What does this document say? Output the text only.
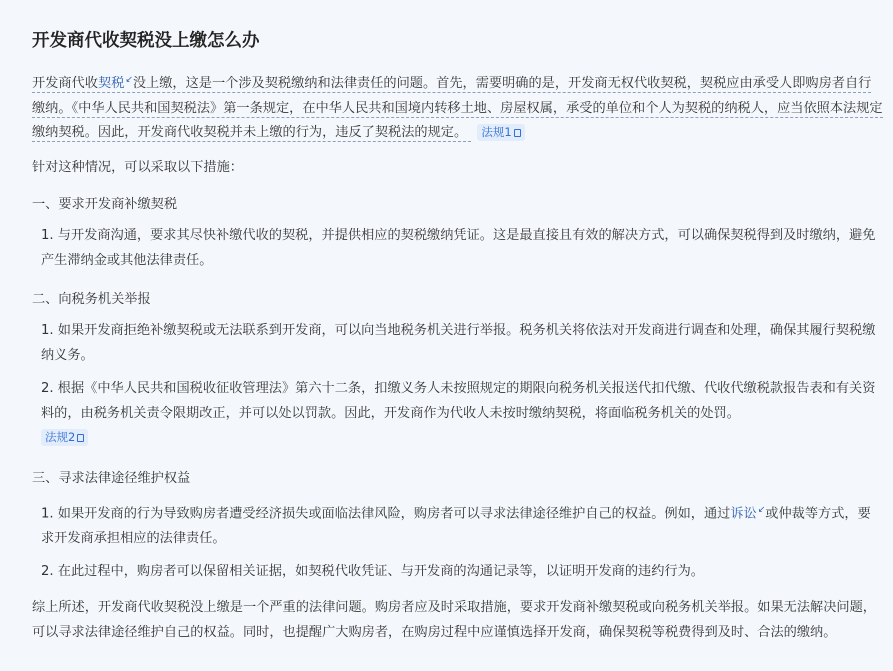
开发商代收契税没上缴怎么办
开发商代收契税↙没上缴，这是一个涉及契税缴纳和法律责任的问题。首先，需要明确的是，开发商无权代收契税，契税应由承受人即购房者自行缴纳。《中华人民共和国契税法》第一条规定，在中华人民共和国境内转移土地、房屋权属，承受的单位和个人为契税的纳税人，应当依照本法规定缴纳契税。因此，开发商代收契税并未上缴的行为，违反了契税法的规定。 法规1
针对这种情况，可以采取以下措施：
一、要求开发商补缴契税
1. 与开发商沟通，要求其尽快补缴代收的契税，并提供相应的契税缴纳凭证。这是最直接且有效的解决方式，可以确保契税得到及时缴纳，避免产生滞纳金或其他法律责任。
二、向税务机关举报
1. 如果开发商拒绝补缴契税或无法联系到开发商，可以向当地税务机关进行举报。税务机关将依法对开发商进行调查和处理，确保其履行契税缴纳义务。
2. 根据《中华人民共和国税收征收管理法》第六十二条，扣缴义务人未按照规定的期限向税务机关报送代扣代缴、代收代缴税款报告表和有关资料的，由税务机关责令限期改正，并可以处以罚款。因此，开发商作为代收人未按时缴纳契税，将面临税务机关的处罚。
法规2
三、寻求法律途径维护权益
1. 如果开发商的行为导致购房者遭受经济损失或面临法律风险，购房者可以寻求法律途径维护自己的权益。例如，通过诉讼↙或仲裁等方式，要求开发商承担相应的法律责任。
2. 在此过程中，购房者可以保留相关证据，如契税代收凭证、与开发商的沟通记录等，以证明开发商的违约行为。
综上所述，开发商代收契税没上缴是一个严重的法律问题。购房者应及时采取措施，要求开发商补缴契税或向税务机关举报。如果无法解决问题，可以寻求法律途径维护自己的权益。同时，也提醒广大购房者，在购房过程中应谨慎选择开发商，确保契税等税费得到及时、合法的缴纳。
